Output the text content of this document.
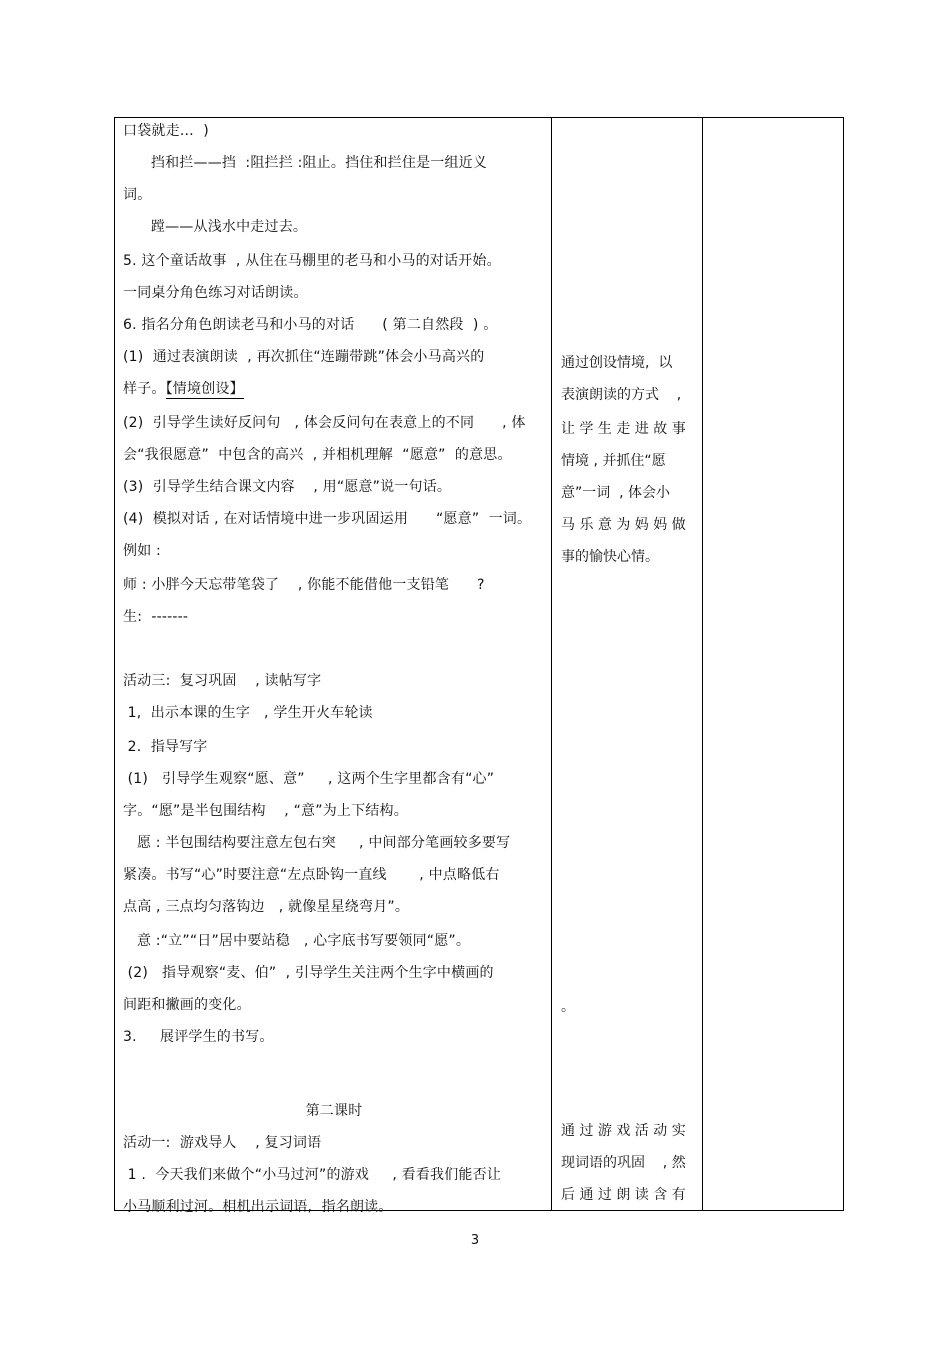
口袋就走…  )
挡和拦——挡  :阻拦拦 :阻止。挡住和拦住是一组近义
词。
蹚——从浅水中走过去。
5. 这个童话故事  , 从住在马棚里的老马和小马的对话开始。
一同桌分角色练习对话朗读。
6. 指名分角色朗读老马和小马的对话      ( 第二自然段  ) 。
(1)  通过表演朗读  , 再次抓住“连蹦带跳”体会小马高兴的
样子。【情境创设】
(2)  引导学生读好反问句   , 体会反问句在表意上的不同      , 体
会“我很愿意”  中包含的高兴  , 并相机理解  “愿意”  的意思。
(3)  引导学生结合课文内容    , 用“愿意”说一句话。
(4)  模拟对话 , 在对话情境中进一步巩固运用      “愿意”  一词。
例如 :
师 : 小胖今天忘带笔袋了    , 你能不能借他一支铅笔      ?
生:  -------
活动三:  复习巩固    , 读帖写字
1,  出示本课的生字   , 学生开火车轮读
2.  指导写字
(1)   引导学生观察“愿、意”     , 这两个生字里都含有“心”
字。“愿”是半包围结构    , “意”为上下结构。
愿 : 半包围结构要注意左包右突     , 中间部分笔画较多要写
紧凑。书写“心”时要注意“左点卧钩一直线       , 中点略低右
点高 , 三点均匀落钩边   , 就像星星绕弯月”。
意 :“立”“日”居中要站稳   , 心字底书写要领同“愿”。
(2)   指导观察“麦、伯”  , 引导学生关注两个生字中横画的
间距和撇画的变化。
3.     展评学生的书写。
第二课时
活动一:  游戏导人    , 复习词语
1 .  今天我们来做个“小马过河”的游戏     , 看看我们能否让
小马顺利过河。相机出示词语,  指名朗读。
通过创设情境,  以
表演朗读的方式    ,
让 学 生 走 进 故 事
情境 , 并抓住“愿
意”一词  , 体会小
马 乐 意 为 妈 妈 做
事的愉快心情。
。
通 过 游 戏 活 动 实
现词语的巩固    , 然
后 通 过 朗 读 含 有
3
